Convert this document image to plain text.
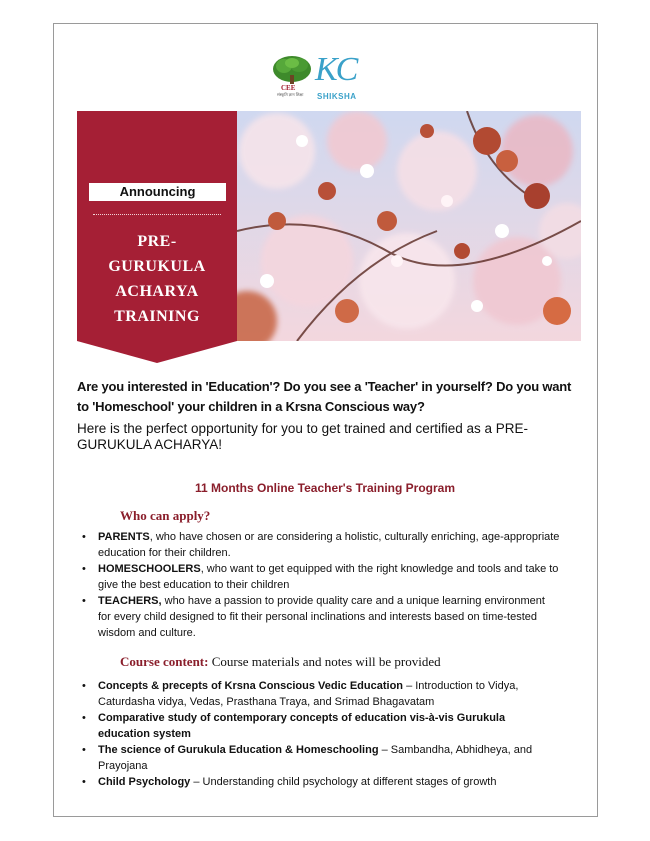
CEE
संस्कृति ज्ञान शिक्षा
KC
SHIKSHA
Announcing
PRE-
GURUKULA
ACHARYA
TRAINING
Are you interested in 'Education'? Do you see a 'Teacher' in yourself? Do you want to 'Homeschool' your children in a Krsna Conscious way?
Here is the perfect opportunity for you to get trained and certified as a PRE-GURUKULA ACHARYA!
11 Months Online Teacher's Training Program
Who can apply?
• PARENTS, who have chosen or are considering a holistic, culturally enriching, age-appropriate education for their children.
• HOMESCHOOLERS, who want to get equipped with the right knowledge and tools and take to give the best education to their children
• TEACHERS, who have a passion to provide quality care and a unique learning environment for every child designed to fit their personal inclinations and interests based on time-tested wisdom and culture.
Course content: Course materials and notes will be provided
• Concepts & precepts of Krsna Conscious Vedic Education – Introduction to Vidya, Caturdasha vidya, Vedas, Prasthana Traya, and Srimad Bhagavatam
• Comparative study of contemporary concepts of education vis-à-vis Gurukula education system
• The science of Gurukula Education & Homeschooling – Sambandha, Abhidheya, and Prayojana
• Child Psychology – Understanding child psychology at different stages of growth
